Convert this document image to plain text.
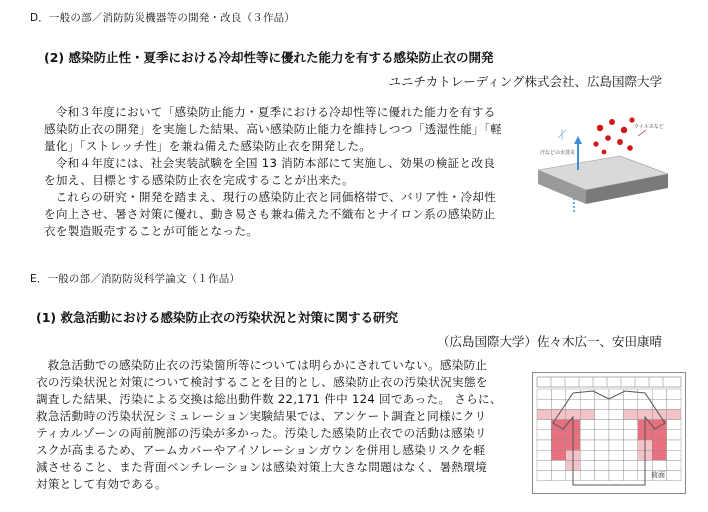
D．一般の部／消防防災機器等の開発・改良（３作品）
(2) 感染防止性・夏季における冷却性等に優れた能力を有する感染防止衣の開発
ユニチカトレーディング株式会社、広島国際大学

令和３年度において「感染防止能力・夏季における冷却性等に優れた能力を有する

感染防止衣の開発」を実施した結果、高い感染防止能力を維持しつつ「透湿性能」「軽

量化」「ストレッチ性」を兼ね備えた感染防止衣を開発した。

令和４年度には、社会実装試験を全国 13 消防本部にて実施し、効果の検証と改良

を加え、目標とする感染防止衣を完成することが出来た。

これらの研究・開発を踏まえ、現行の感染防止衣と同価格帯で、バリア性・冷却性

を向上させ、暑さ対策に優れ、動き易さも兼ね備えた不織布とナイロン系の感染防止

衣を製造販売することが可能となった。

ウイルスなど
汗などの水蒸気
E．一般の部／消防防災科学論文（１作品）
(1) 救急活動における感染防止衣の汚染状況と対策に関する研究
（広島国際大学）佐々木広一、安田康晴

救急活動での感染防止衣の汚染箇所等については明らかにされていない。感染防止

衣の汚染状況と対策について検討することを目的とし、感染防止衣の汚染状況実態を

調査した結果、汚染による交換は総出動件数 22,171 件中 124 回であった。 さらに、

救急活動時の汚染状況シミュレーション実験結果では、アンケート調査と同様にクリ

ティカルゾーンの両前腕部の汚染が多かった。汚染した感染防止衣での活動は感染リ

スクが高まるため、アームカバーやアイソレーションガウンを併用し感染リスクを軽

減させること、また背面ベンチレーションは感染対策上大きな問題はなく、暑熱環境

対策として有効である。

前面
